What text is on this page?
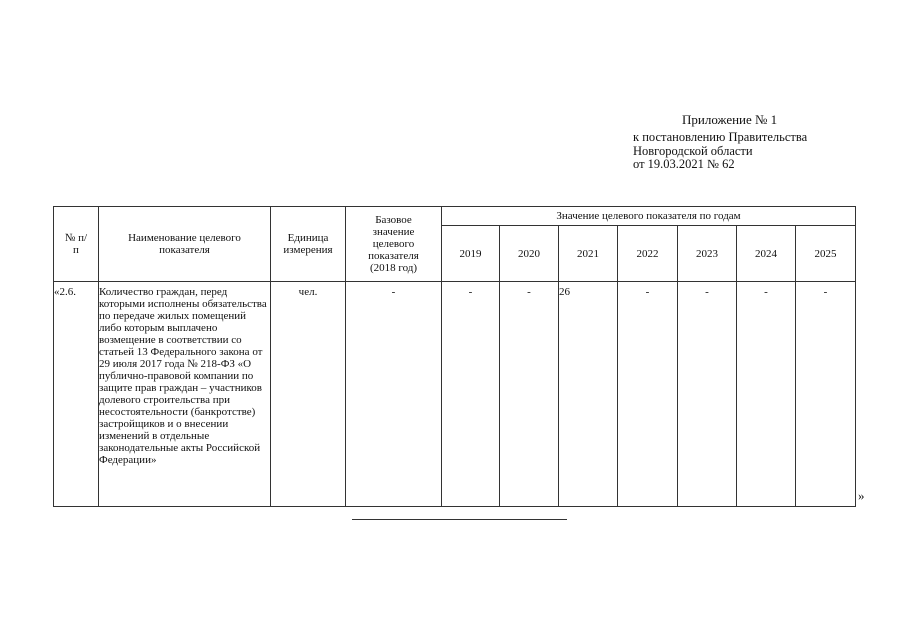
Приложение № 1
к постановлению Правительства
Новгородской области
от 19.03.2021 № 62
№ п/п	Наименование целевого показателя	Единица измерения	Базовое значение целевого показателя (2018 год)	Значение целевого показателя по годам						
				2019	2020	2021	2022	2023	2024	2025
«2.6.	Количество граждан, перед которыми исполнены обязательства по передаче жилых помещений либо которым выплачено возмещение в соответствии со статьей 13 Федерального закона от 29 июля 2017 года № 218-ФЗ «О публично-правовой компании по защите прав граждан – участников долевого строительства при несостоятельности (банкротстве) застройщиков и о внесении изменений в отдельные законодательные акты Российской Федерации»	чел.	-	-	-	26	-	-	-	-
»
